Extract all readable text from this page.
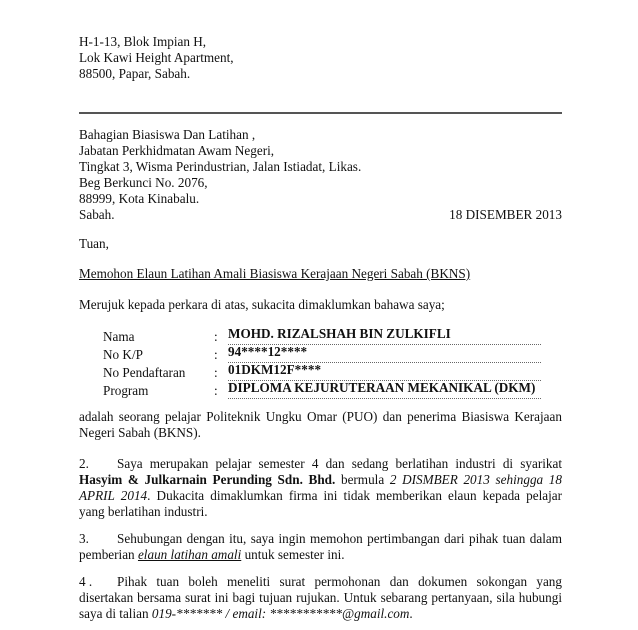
H-1-13, Blok Impian H,
Lok Kawi Height Apartment,
88500, Papar, Sabah.
Bahagian Biasiswa Dan Latihan ,
Jabatan Perkhidmatan Awam Negeri,
Tingkat 3, Wisma Perindustrian, Jalan Istiadat, Likas.
Beg Berkunci No. 2076,
88999, Kota Kinabalu.
Sabah.	18 DISEMBER 2013
Tuan,
Memohon Elaun Latihan Amali Biasiswa Kerajaan Negeri Sabah (BKNS)
Merujuk kepada perkara di atas, sukacita dimaklumkan bahawa saya;
Nama	: MOHD. RIZALSHAH BIN ZULKIFLI
No K/P	: 94****12****
No Pendaftaran : 01DKM12F****
Program	: DIPLOMA KEJURUTERAAN MEKANIKAL (DKM)
adalah seorang pelajar Politeknik Ungku Omar (PUO) dan penerima Biasiswa Kerajaan Negeri Sabah (BKNS).
2. Saya merupakan pelajar semester 4 dan sedang berlatihan industri di syarikat Hasyim & Julkarnain Perunding Sdn. Bhd. bermula 2 DISMBER 2013 sehingga 18 APRIL 2014. Dukacita dimaklumkan firma ini tidak memberikan elaun kepada pelajar yang berlatihan industri.
3. Sehubungan dengan itu, saya ingin memohon pertimbangan dari pihak tuan dalam pemberian elaun latihan amali untuk semester ini.
4 . Pihak tuan boleh meneliti surat permohonan dan dokumen sokongan yang disertakan bersama surat ini bagi tujuan rujukan. Untuk sebarang pertanyaan, sila hubungi saya di talian 019-******* / email: ***********@gmail.com.
